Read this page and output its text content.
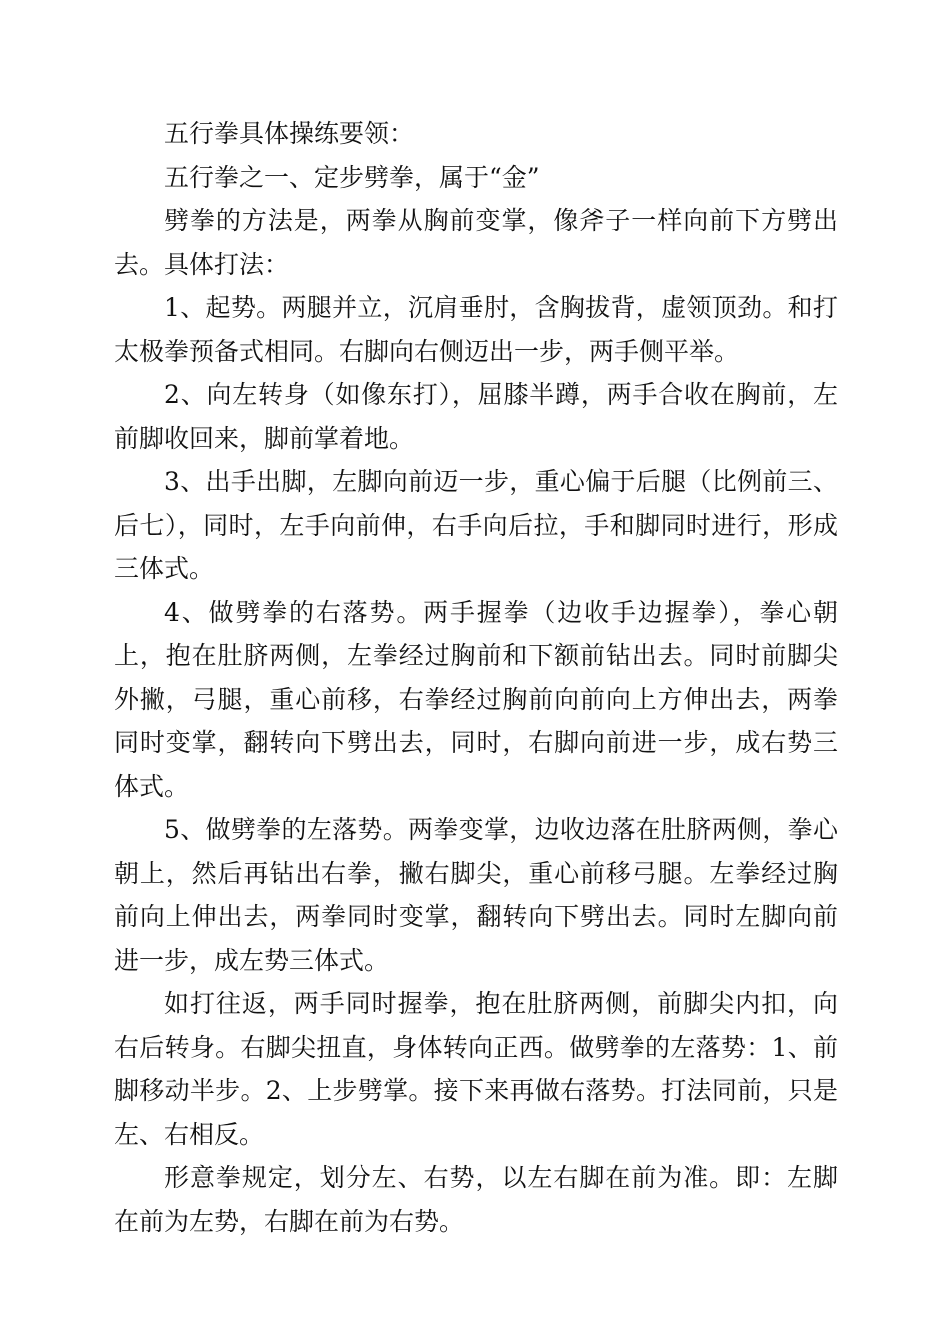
五行拳具体操练要领：

五行拳之一、定步劈拳，属于“金”

劈拳的方法是，两拳从胸前变掌，像斧子一样向前下方劈出去。具体打法：

1、起势。两腿并立，沉肩垂肘，含胸拔背，虚领顶劲。和打太极拳预备式相同。右脚向右侧迈出一步，两手侧平举。

2、向左转身（如像东打），屈膝半蹲，两手合收在胸前，左前脚收回来，脚前掌着地。

3、出手出脚，左脚向前迈一步，重心偏于后腿（比例前三、后七），同时，左手向前伸，右手向后拉，手和脚同时进行，形成三体式。

4、做劈拳的右落势。两手握拳（边收手边握拳），拳心朝上，抱在肚脐两侧，左拳经过胸前和下额前钻出去。同时前脚尖外撇，弓腿，重心前移，右拳经过胸前向前向上方伸出去，两拳同时变掌，翻转向下劈出去，同时，右脚向前进一步，成右势三体式。

5、做劈拳的左落势。两拳变掌，边收边落在肚脐两侧，拳心朝上，然后再钻出右拳，撇右脚尖，重心前移弓腿。左拳经过胸前向上伸出去，两拳同时变掌，翻转向下劈出去。同时左脚向前进一步，成左势三体式。

如打往返，两手同时握拳，抱在肚脐两侧，前脚尖内扣，向右后转身。右脚尖扭直，身体转向正西。做劈拳的左落势：1、前脚移动半步。2、上步劈掌。接下来再做右落势。打法同前，只是左、右相反。

形意拳规定，划分左、右势，以左右脚在前为准。即：左脚在前为左势，右脚在前为右势。
